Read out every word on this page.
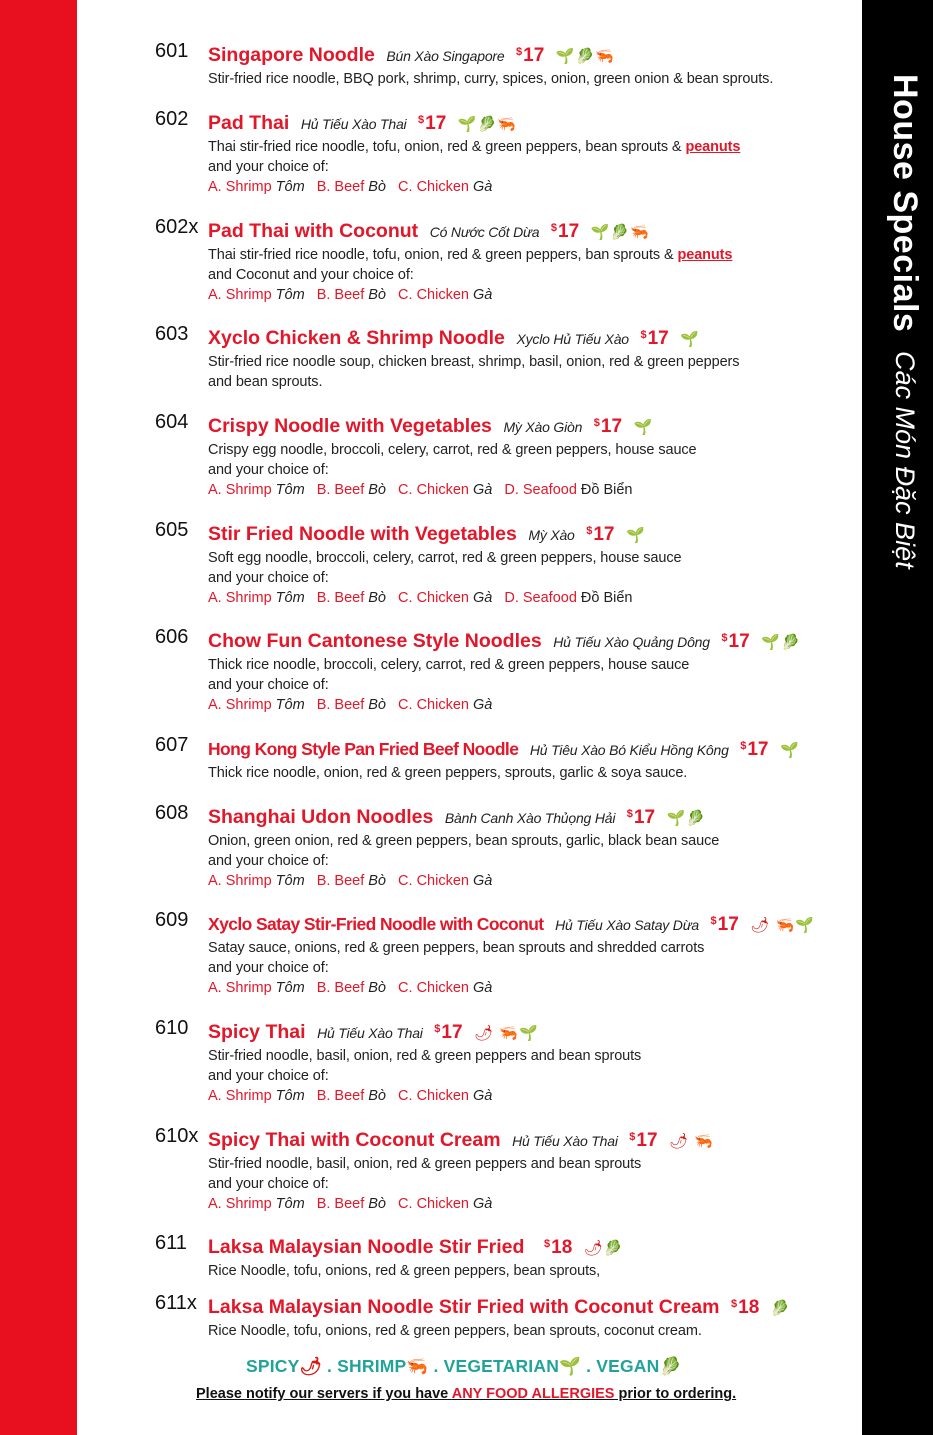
House Specials Các Món Đặc Biệt
601 Singapore Noodle Bún Xào Singapore $17 🌱🥬🦐
Stir-fried rice noodle, BBQ pork, shrimp, curry, spices, onion, green onion & bean sprouts.
602 Pad Thai Hủ Tiếu Xào Thai $17 🌱🥬🦐
Thai stir-fried rice noodle, tofu, onion, red & green peppers, bean sprouts & peanuts
and your choice of:
A. Shrimp Tôm B. Beef Bò C. Chicken Gà
602x Pad Thai with Coconut Có Nước Cốt Dừa $17 🌱🥬🦐
Thai stir-fried rice noodle, tofu, onion, red & green peppers, ban sprouts & peanuts
and Coconut and your choice of:
A. Shrimp Tôm B. Beef Bò C. Chicken Gà
603 Xyclo Chicken & Shrimp Noodle Xyclo Hủ Tiếu Xào $17 🌱
Stir-fried rice noodle soup, chicken breast, shrimp, basil, onion, red & green peppers
and bean sprouts.
604 Crispy Noodle with Vegetables Mỳ Xào Giòn $17 🌱
Crispy egg noodle, broccoli, celery, carrot, red & green peppers, house sauce
and your choice of:
A. Shrimp Tôm B. Beef Bò C. Chicken Gà D. Seafood Đồ Biển
605 Stir Fried Noodle with Vegetables Mỳ Xào $17 🌱
Soft egg noodle, broccoli, celery, carrot, red & green peppers, house sauce
and your choice of:
A. Shrimp Tôm B. Beef Bò C. Chicken Gà D. Seafood Đồ Biển
606 Chow Fun Cantonese Style Noodles Hủ Tiếu Xào Quảng Dông $17 🌱🥬
Thick rice noodle, broccoli, celery, carrot, red & green peppers, house sauce
and your choice of:
A. Shrimp Tôm B. Beef Bò C. Chicken Gà
607 Hong Kong Style Pan Fried Beef Noodle Hủ Tiêu Xào Bó Kiểu Hồng Kông $17 🌱
Thick rice noodle, onion, red & green peppers, sprouts, garlic & soya sauce.
608 Shanghai Udon Noodles Bành Canh Xào Thủọng Hải $17 🌱🥬
Onion, green onion, red & green peppers, bean sprouts, garlic, black bean sauce
and your choice of:
A. Shrimp Tôm B. Beef Bò C. Chicken Gà
609 Xyclo Satay Stir-Fried Noodle with Coconut Hủ Tiếu Xào Satay Dừa $17 🌶 🦐🌱
Satay sauce, onions, red & green peppers, bean sprouts and shredded carrots
and your choice of:
A. Shrimp Tôm B. Beef Bò C. Chicken Gà
610 Spicy Thai Hủ Tiếu Xào Thai $17 🌶 🦐🌱
Stir-fried noodle, basil, onion, red & green peppers and bean sprouts
and your choice of:
A. Shrimp Tôm B. Beef Bò C. Chicken Gà
610x Spicy Thai with Coconut Cream Hủ Tiếu Xào Thai $17 🌶 🦐
Stir-fried noodle, basil, onion, red & green peppers and bean sprouts
and your choice of:
A. Shrimp Tôm B. Beef Bò C. Chicken Gà
611 Laksa Malaysian Noodle Stir Fried $18 🌶🥬
Rice Noodle, tofu, onions, red & green peppers, bean sprouts,
611x Laksa Malaysian Noodle Stir Fried with Coconut Cream $18 🥬
Rice Noodle, tofu, onions, red & green peppers, bean sprouts, coconut cream.
SPICY🌶 . SHRIMP🦐 . VEGETARIAN🌱 . VEGAN🥬
Please notify our servers if you have ANY FOOD ALLERGIES prior to ordering.
